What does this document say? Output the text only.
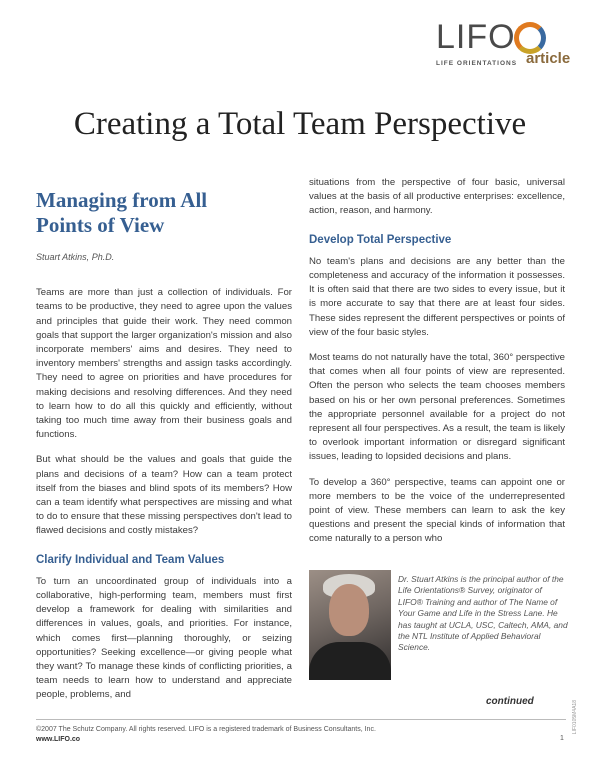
LIFO
LIFE ORIENTATIONS article
Creating a Total Team Perspective
Managing from All Points of View
Stuart Atkins, Ph.D.

Teams are more than just a collection of individuals. For teams to be productive, they need to agree upon the values and principles that guide their work. They need common goals that support the larger organization's mission and also incorporate members' aims and desires. They need to inventory members' strengths and assign tasks accordingly. They need to agree on priorities and have procedures for making decisions and resolving differences. And they need to learn how to do all this quickly and efficiently, without taking too much time away from their business goals and functions.

But what should be the values and goals that guide the plans and decisions of a team? How can a team protect itself from the biases and blind spots of its members? How can a team identify what perspectives are missing and what to do to ensure that these missing perspectives don't lead to flawed decisions and costly mistakes?

Clarify Individual and Team Values

To turn an uncoordinated group of individuals into a collaborative, high-performing team, members must first develop a framework for dealing with similarities and differences in values, goals, and priorities. For instance, which comes first—planning thoroughly, or seizing opportunities? Seeking excellence—or giving people what they want? To manage these kinds of conflicting priorities, a team needs to learn how to understand and appreciate people, problems, and

situations from the perspective of four basic, universal values at the basis of all productive enterprises: excellence, action, reason, and harmony.

Develop Total Perspective

No team's plans and decisions are any better than the completeness and accuracy of the information it possesses. It is often said that there are two sides to every issue, but it is more accurate to say that there are at least four sides. These sides represent the different perspectives or points of view of the four basic styles.

Most teams do not naturally have the total, 360° perspective that comes when all four points of view are represented. Often the person who selects the team chooses members based on his or her own personal preferences. Sometimes the appropriate personnel available for a project do not represent all four perspectives. As a result, the team is likely to overlook important information or disregard significant issues, leading to lopsided decisions and plans.

To develop a 360° perspective, teams can appoint one or more members to be the voice of the underrepresented point of view. These members can learn to ask the key questions and present the special kinds of information that come naturally to a person who

Dr. Stuart Atkins is the principal author of the Life Orientations® Survey, originator of LIFO® Training and author of The Name of Your Game and Life in the Stress Lane. He has taught at UCLA, USC, Caltech, AMA, and the NTL Institute of Applied Behavioral Science.
continued
©2007 The Schutz Company. All rights reserved. LIFO is a registered trademark of Business Consultants, Inc.
www.LIFO.co	1
LIF0105M4A18
